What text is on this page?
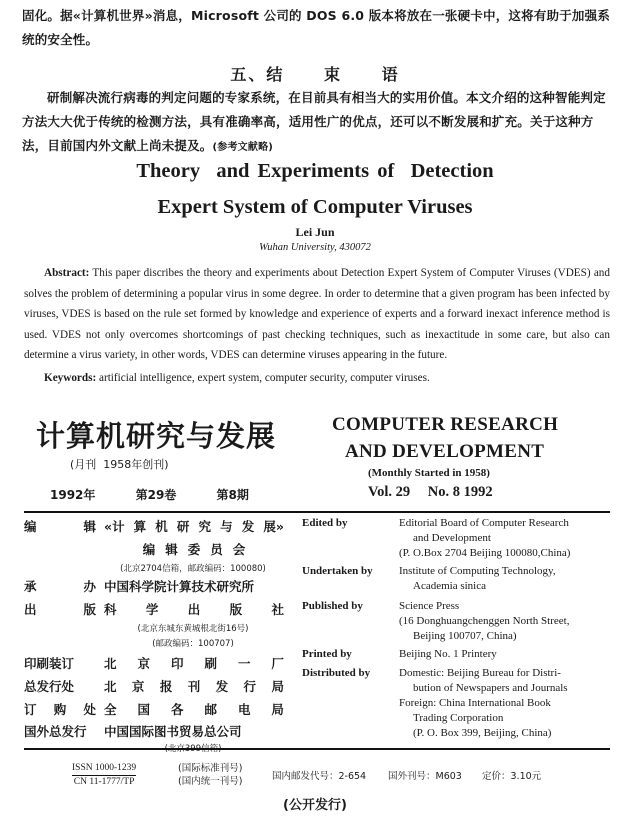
固化。据«计算机世界»消息，Microsoft 公司的 DOS 6.0 版本将放在一张硬卡中，这将有助于加强系统的安全性。
五、结 束 语
研制解决流行病毒的判定问题的专家系统，在目前具有相当大的实用价值。本文介绍的这种智能判定方法大大优于传统的检测方法，具有准确率高，适用性广的优点，还可以不断发展和扩充。关于这种方法，目前国内外文献上尚未提及。(参考文献略)
Theory  and Experiments of  Detection
Expert System of Computer Viruses
Lei Jun
Wuhan University, 430072
Abstract: This paper discribes the theory and experiments about Detection Expert System of Computer Viruses (VDES) and solves the problem of determining a popular virus in some degree. In order to determine that a given program has been infected by viruses, VDES is based on the rule set formed by knowledge and experience of experts and a forward inexact inference method is used. VDES not only overcomes shortcomings of past checking techniques, such as inexactitude in some care, but also can determine a virus variety, in other words, VDES can determine viruses appearing in the future.
Keywords: artificial intelligence, expert system, computer security, computer viruses.
计算机研究与发展
(月刊  1958年创刊)
1992年	第29卷	第8期
COMPUTER RESEARCH
AND DEVELOPMENT
(Monthly Started in 1958)
Vol. 29 No. 8 1992
编	辑 «计 算 机 研 究 与 发 展»
编 辑 委 员 会
(北京2704信箱，邮政编码：100080)
承	办 中国科学院计算技术研究所
出	版 科 学 出 版 社
(北京东城东黄城根北街16号)
(邮政编码：100707)
印刷装订 北 京 印 刷 一 厂
总发行处 北 京 报 刊 发 行 局
订 购 处 全 国 各 邮 电 局
国外总发行 中国国际图书贸易总公司
Edited by	Editorial Board of Computer Research
and Development
(P. O.Box 2704 Beijing 100080,China)
Undertaken by	Institute of Computing Technology,
Academia sinica
Published by	Science Press
(16 Donghuangchenggen North Street,
Beijing 100707, China)
Printed by	Beijing No. 1 Printery
Distributed by	Domestic: Beijing Bureau for Distri-
bution of Newspapers and Journals
Foreign: China International Book
Trading Corporation
(P. O. Box 399, Beijing, China)
ISSN 1000-1239
CN 11-1777/TP
(国际标准刊号)
(国内统一刊号)	国内邮发代号：2-654 国外刊号：M603 定价：3.10元
(公开发行)
